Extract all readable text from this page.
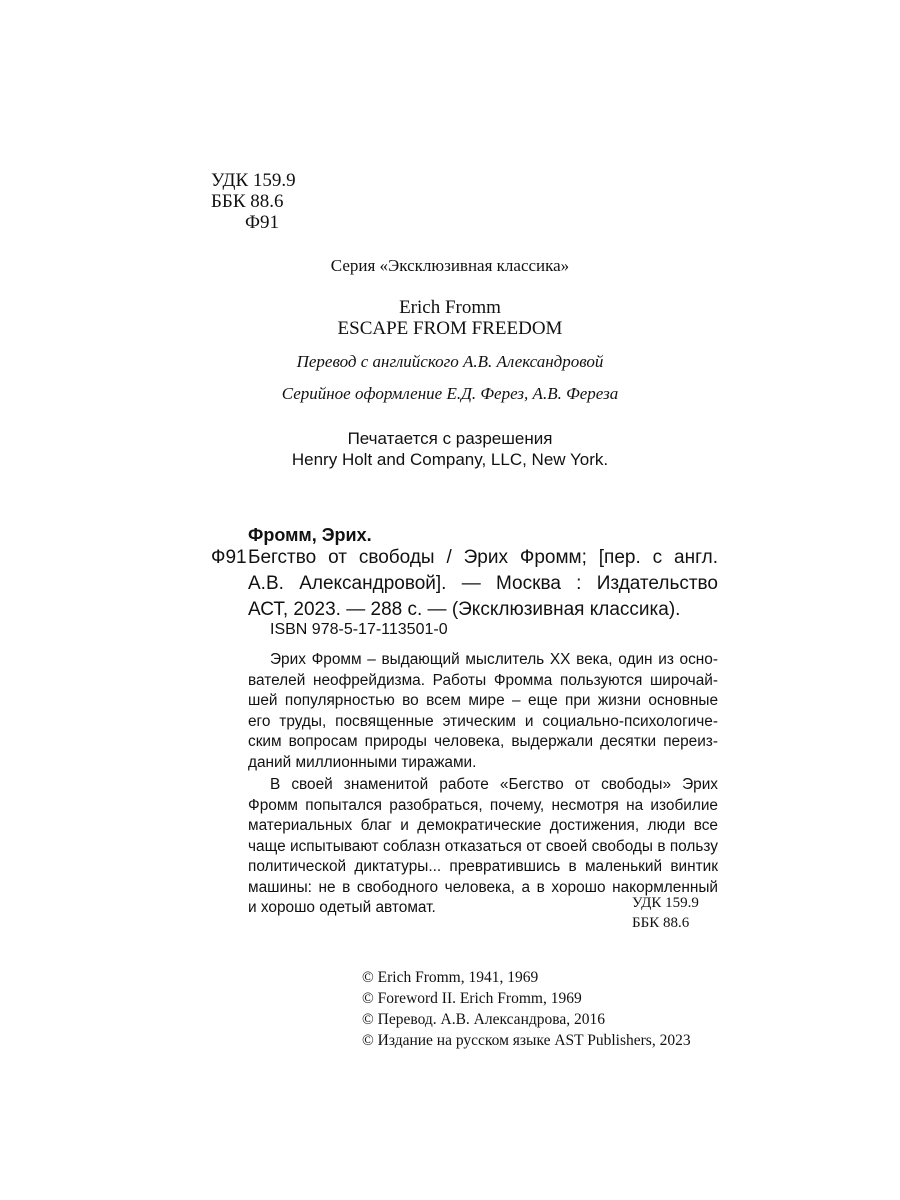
УДК 159.9
ББК 88.6
Ф91
Серия «Эксклюзивная классика»
Erich Fromm
ESCAPE FROM FREEDOM
Перевод с английского А.В. Александровой
Серийное оформление Е.Д. Ферез, А.В. Фереза
Печатается с разрешения
Henry Holt and Company, LLC, New York.
Фромм, Эрих.
Ф91 Бегство от свободы / Эрих Фромм; [пер. с англ.
А.В. Александровой]. — Москва : Издательство
АСТ, 2023. — 288 с. — (Эксклюзивная классика).
ISBN 978-5-17-113501-0
Эрих Фромм – выдающий мыслитель XX века, один из осно-
вателей неофрейдизма. Работы Фромма пользуются широчай-
шей популярностью во всем мире – еще при жизни основные
его труды, посвященные этическим и социально-психологиче-
ским вопросам природы человека, выдержали десятки переиз-
даний миллионными тиражами.
В своей знаменитой работе «Бегство от свободы» Эрих
Фромм попытался разобраться, почему, несмотря на изобилие
материальных благ и демократические достижения, люди все
чаще испытывают соблазн отказаться от своей свободы в пользу
политической диктатуры... превратившись в маленький винтик
машины: не в свободного человека, а в хорошо накормленный
и хорошо одетый автомат.	УДК 159.9
ББК 88.6
© Erich Fromm, 1941, 1969
© Foreword II. Erich Fromm, 1969
© Перевод. А.В. Александрова, 2016
© Издание на русском языке AST Publishers, 2023
